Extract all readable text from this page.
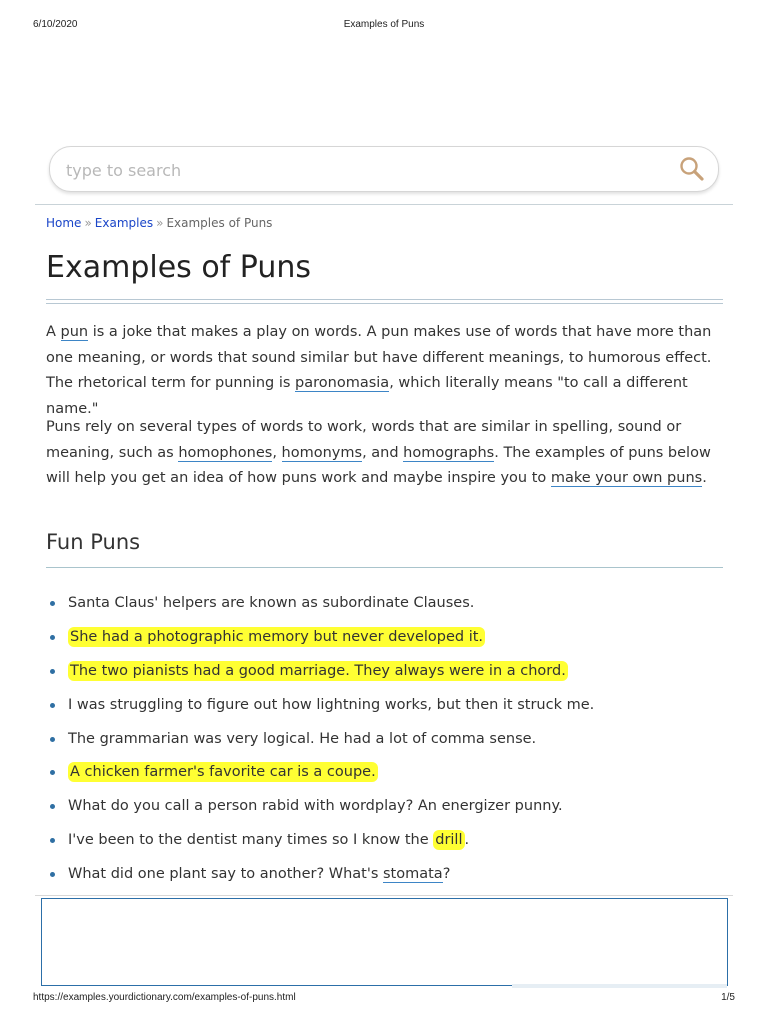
6/10/2020	Examples of Puns
type to search
Home » Examples » Examples of Puns
Examples of Puns

A pun is a joke that makes a play on words. A pun makes use of words that have more than one meaning, or words that sound similar but have different meanings, to humorous effect. The rhetorical term for punning is paronomasia, which literally means "to call a different name."

Puns rely on several types of words to work, words that are similar in spelling, sound or meaning, such as homophones, homonyms, and homographs. The examples of puns below will help you get an idea of how puns work and maybe inspire you to make your own puns.

Fun Puns
Santa Claus' helpers are known as subordinate Clauses.
She had a photographic memory but never developed it.
The two pianists had a good marriage. They always were in a chord.
I was struggling to figure out how lightning works, but then it struck me.
The grammarian was very logical. He had a lot of comma sense.
A chicken farmer's favorite car is a coupe.
What do you call a person rabid with wordplay? An energizer punny.
I've been to the dentist many times so I know the drill .
What did one plant say to another? What's stomata?
https://examples.yourdictionary.com/examples-of-puns.html	1/5
